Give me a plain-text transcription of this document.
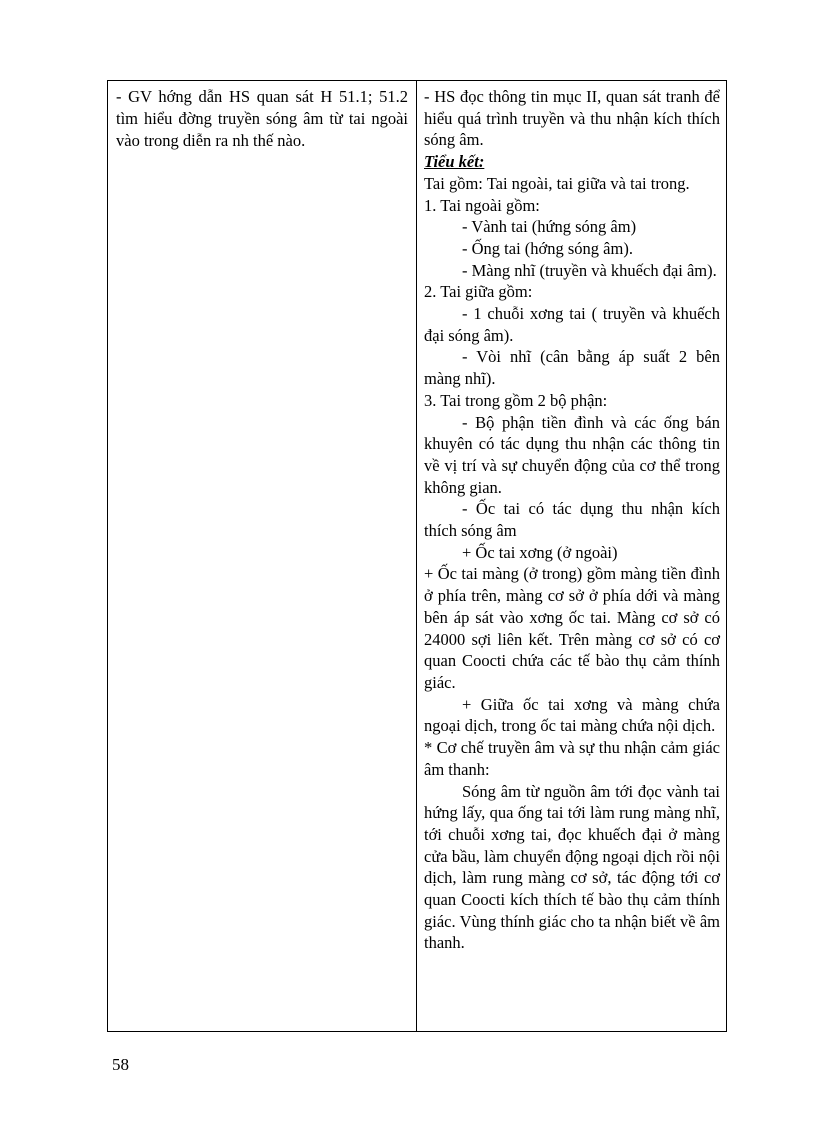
- GV hớng dẫn HS quan sát H 51.1; 51.2 tìm hiểu đờng truyền sóng âm từ tai ngoài vào trong diễn ra nh thế nào.

- HS đọc thông tin mục II, quan sát tranh để hiểu quá trình truyền và thu nhận kích thích sóng âm.

Tiểu kết:

Tai gồm: Tai ngoài, tai giữa và tai trong.

1. Tai ngoài gồm:

- Vành tai (hứng sóng âm)

- Ống tai (hớng sóng âm).

- Màng nhĩ (truyền và khuếch đại âm).

2. Tai giữa gồm:

- 1 chuỗi xơng tai ( truyền và khuếch đại sóng âm).

- Vòi nhĩ (cân bằng áp suất 2 bên màng nhĩ).

3. Tai trong gồm 2 bộ phận:

- Bộ phận tiền đình và các ống bán khuyên có tác dụng thu nhận các thông tin về vị trí và sự chuyển động của cơ thể trong không gian.

- Ốc tai có tác dụng thu nhận kích thích sóng âm

+ Ốc tai xơng (ở ngoài)

+ Ốc tai màng (ở trong) gồm màng tiền đình ở phía trên, màng cơ sở ở phía dới và màng bên áp sát vào xơng ốc tai. Màng cơ sở có 24000 sợi liên kết. Trên màng cơ sở có cơ quan Coocti chứa các tế bào thụ cảm thính giác.

+ Giữa ốc tai xơng và màng chứa ngoại dịch, trong ốc tai màng chứa nội dịch.

* Cơ chế truyền âm và sự thu nhận cảm giác âm thanh:

Sóng âm từ nguồn âm tới đọc vành tai hứng lấy, qua ống tai tới làm rung màng nhĩ, tới chuỗi xơng tai, đọc khuếch đại ở màng cửa bầu, làm chuyển động ngoại dịch rồi nội dịch, làm rung màng cơ sở, tác động tới cơ quan Coocti kích thích tế bào thụ cảm thính giác. Vùng thính giác cho ta nhận biết về âm thanh.

58
